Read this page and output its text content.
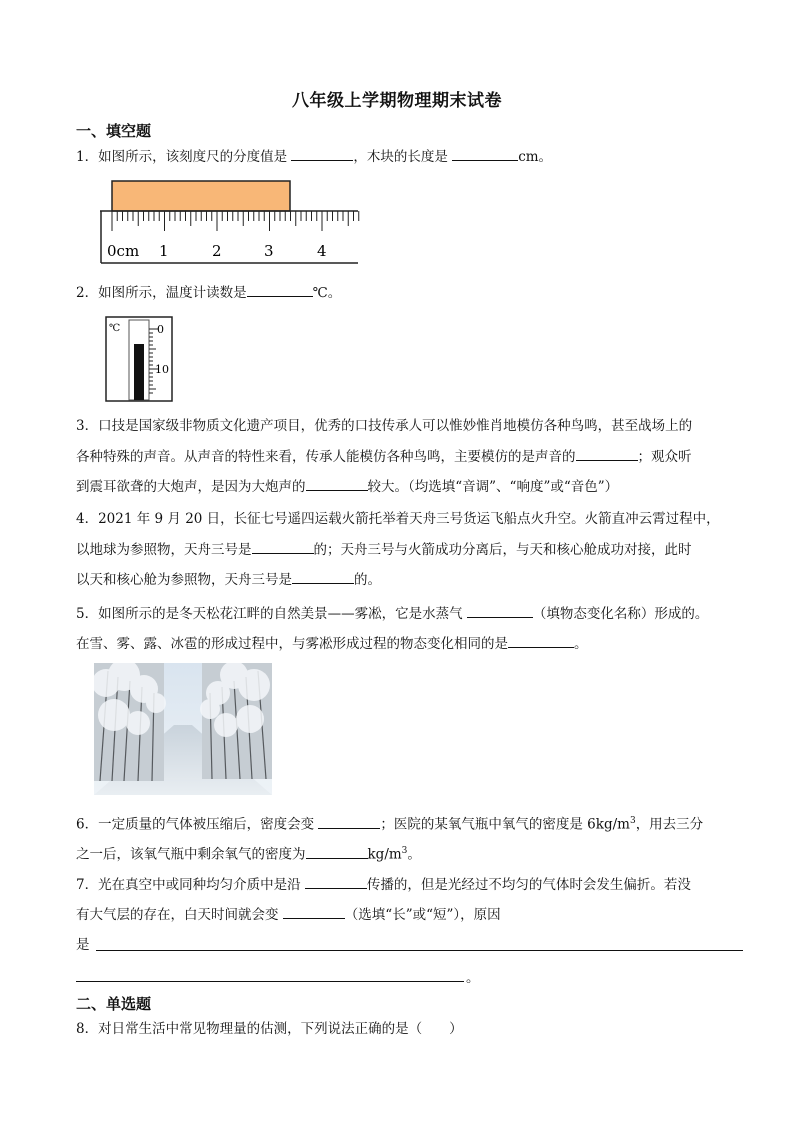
八年级上学期物理期末试卷
一、填空题
1．如图所示，该刻度尺的分度值是	，木块的长度是	cm。
0cm 1	2	3	4
2．如图所示，温度计读数是	℃。
℃	0
10
3．口技是国家级非物质文化遗产项目，优秀的口技传承人可以惟妙惟肖地模仿各种鸟鸣，甚至战场上的
各种特殊的声音。从声音的特性来看，传承人能模仿各种鸟鸣，主要模仿的是声音的	；观众听
到震耳欲聋的大炮声，是因为大炮声的	较大。（均选填“音调”、“响度”或“音色”）
4．2021 年 9 月 20 日，长征七号遥四运载火箭托举着天舟三号货运飞船点火升空。火箭直冲云霄过程中，
以地球为参照物，天舟三号是	的；天舟三号与火箭成功分离后，与天和核心舱成功对接，此时
以天和核心舱为参照物，天舟三号是	的。
5．如图所示的是冬天松花江畔的自然美景——雾凇，它是水蒸气	（填物态变化名称）形成的。
在雪、雾、露、冰雹的形成过程中，与雾凇形成过程的物态变化相同的是	。
6．一定质量的气体被压缩后，密度会变	；医院的某氧气瓶中氧气的密度是 $6kg/m^3$，用去三分
之一后，该氧气瓶中剩余氧气的密度为	$kg/m^3$。
7．光在真空中或同种均匀介质中是沿	传播的，但是光经过不均匀的气体时会发生偏折。若没
有大气层的存在，白天时间就会变	（选填“长”或“短”），原因
是
。
二、单选题
8．对日常生活中常见物理量的估测，下列说法正确的是（　　）
